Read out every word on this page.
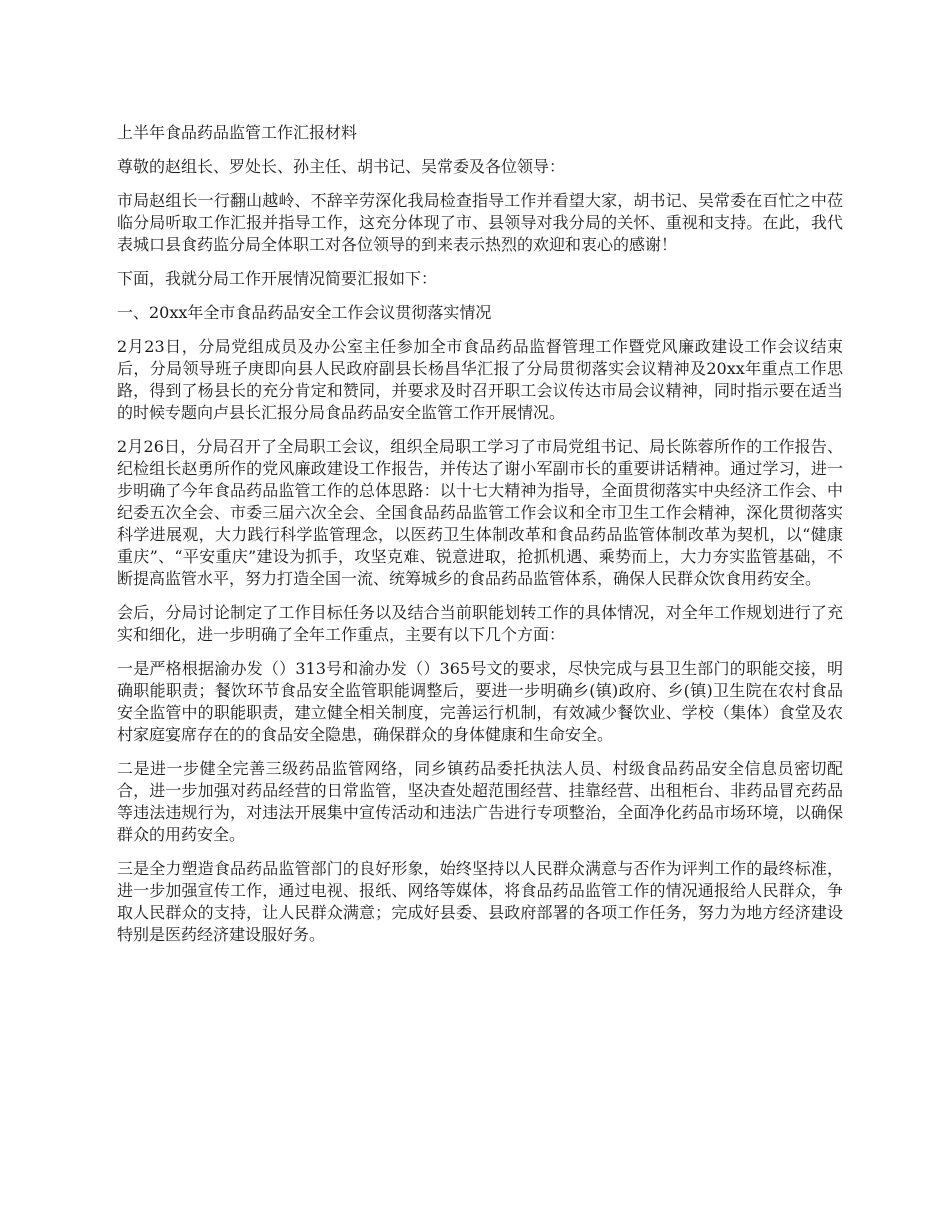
上半年食品药品监管工作汇报材料

尊敬的赵组长、罗处长、孙主任、胡书记、吴常委及各位领导：

市局赵组长一行翻山越岭、不辞辛劳深化我局检查指导工作并看望大家，胡书记、吴常委在百忙之中莅临分局听取工作汇报并指导工作，这充分体现了市、县领导对我分局的关怀、重视和支持。在此，我代表城口县食药监分局全体职工对各位领导的到来表示热烈的欢迎和衷心的感谢！

下面，我就分局工作开展情况简要汇报如下：

一、20xx年全市食品药品安全工作会议贯彻落实情况

2月23日，分局党组成员及办公室主任参加全市食品药品监督管理工作暨党风廉政建设工作会议结束后，分局领导班子庚即向县人民政府副县长杨昌华汇报了分局贯彻落实会议精神及20xx年重点工作思路，得到了杨县长的充分肯定和赞同，并要求及时召开职工会议传达市局会议精神，同时指示要在适当的时候专题向卢县长汇报分局食品药品安全监管工作开展情况。

2月26日，分局召开了全局职工会议，组织全局职工学习了市局党组书记、局长陈蓉所作的工作报告、纪检组长赵勇所作的党风廉政建设工作报告，并传达了谢小军副市长的重要讲话精神。通过学习，进一步明确了今年食品药品监管工作的总体思路：以十七大精神为指导，全面贯彻落实中央经济工作会、中纪委五次全会、市委三届六次全会、全国食品药品监管工作会议和全市卫生工作会精神，深化贯彻落实科学进展观，大力践行科学监管理念，以医药卫生体制改革和食品药品监管体制改革为契机，以“健康重庆”、“平安重庆”建设为抓手，攻坚克难、锐意进取，抢抓机遇、乘势而上，大力夯实监管基础，不断提高监管水平，努力打造全国一流、统筹城乡的食品药品监管体系，确保人民群众饮食用药安全。

会后，分局讨论制定了工作目标任务以及结合当前职能划转工作的具体情况，对全年工作规划进行了充实和细化，进一步明确了全年工作重点，主要有以下几个方面：

一是严格根据渝办发（）313号和渝办发（）365号文的要求，尽快完成与县卫生部门的职能交接，明确职能职责；餐饮环节食品安全监管职能调整后，要进一步明确乡(镇)政府、乡(镇)卫生院在农村食品安全监管中的职能职责，建立健全相关制度，完善运行机制，有效减少餐饮业、学校（集体）食堂及农村家庭宴席存在的的食品安全隐患，确保群众的身体健康和生命安全。

二是进一步健全完善三级药品监管网络，同乡镇药品委托执法人员、村级食品药品安全信息员密切配合，进一步加强对药品经营的日常监管，坚决查处超范围经营、挂靠经营、出租柜台、非药品冒充药品等违法违规行为，对违法开展集中宣传活动和违法广告进行专项整治，全面净化药品市场环境，以确保群众的用药安全。

三是全力塑造食品药品监管部门的良好形象，始终坚持以人民群众满意与否作为评判工作的最终标准，进一步加强宣传工作，通过电视、报纸、网络等媒体，将食品药品监管工作的情况通报给人民群众，争取人民群众的支持，让人民群众满意；完成好县委、县政府部署的各项工作任务，努力为地方经济建设特别是医药经济建设服好务。
